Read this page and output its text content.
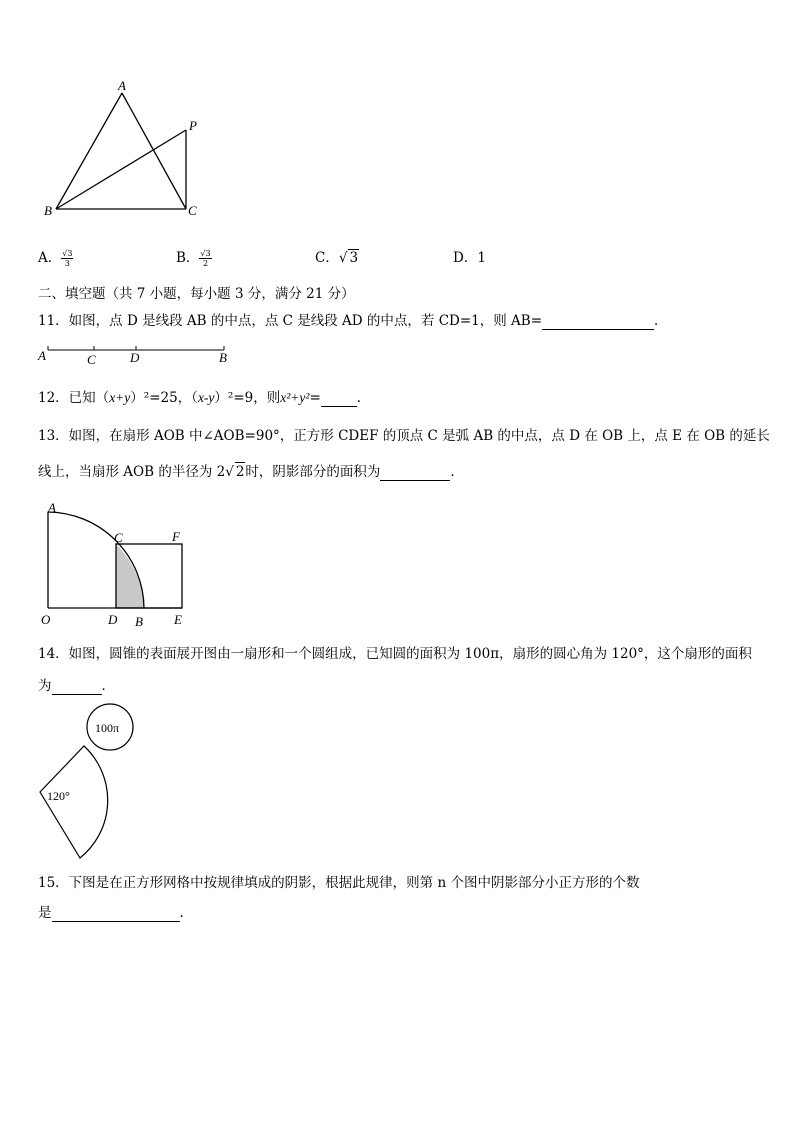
A
P
B	C
A． $\frac{√3}{3}$	B． $\frac{√3}{2}$	C．√ 3	D．1
二、填空题（共 7 小题，每小题 3 分，满分 21 分）
11．如图，点 D 是线段 AB 的中点，点 C 是线段 AD 的中点，若 CD=1，则 AB=	．
A	C	D	B
12．已知（x+y）²=25，（x-y）²=9，则x²+y²=	．
13．如图，在扇形 AOB 中∠AOB=90°，正方形 CDEF 的顶点 C 是弧 AB 的中点，点 D 在 OB 上，点 E 在 OB 的延长
线上，当扇形 AOB 的半径为 2√ 2时，阴影部分的面积为	．
A
C	F
O	D B E
14．如图，圆锥的表面展开图由一扇形和一个圆组成，已知圆的面积为 100π，扇形的圆心角为 120°，这个扇形的面积
为	．
100π
120°
15．下图是在正方形网格中按规律填成的阴影，根据此规律，则第 n 个图中阴影部分小正方形的个数
是	．
